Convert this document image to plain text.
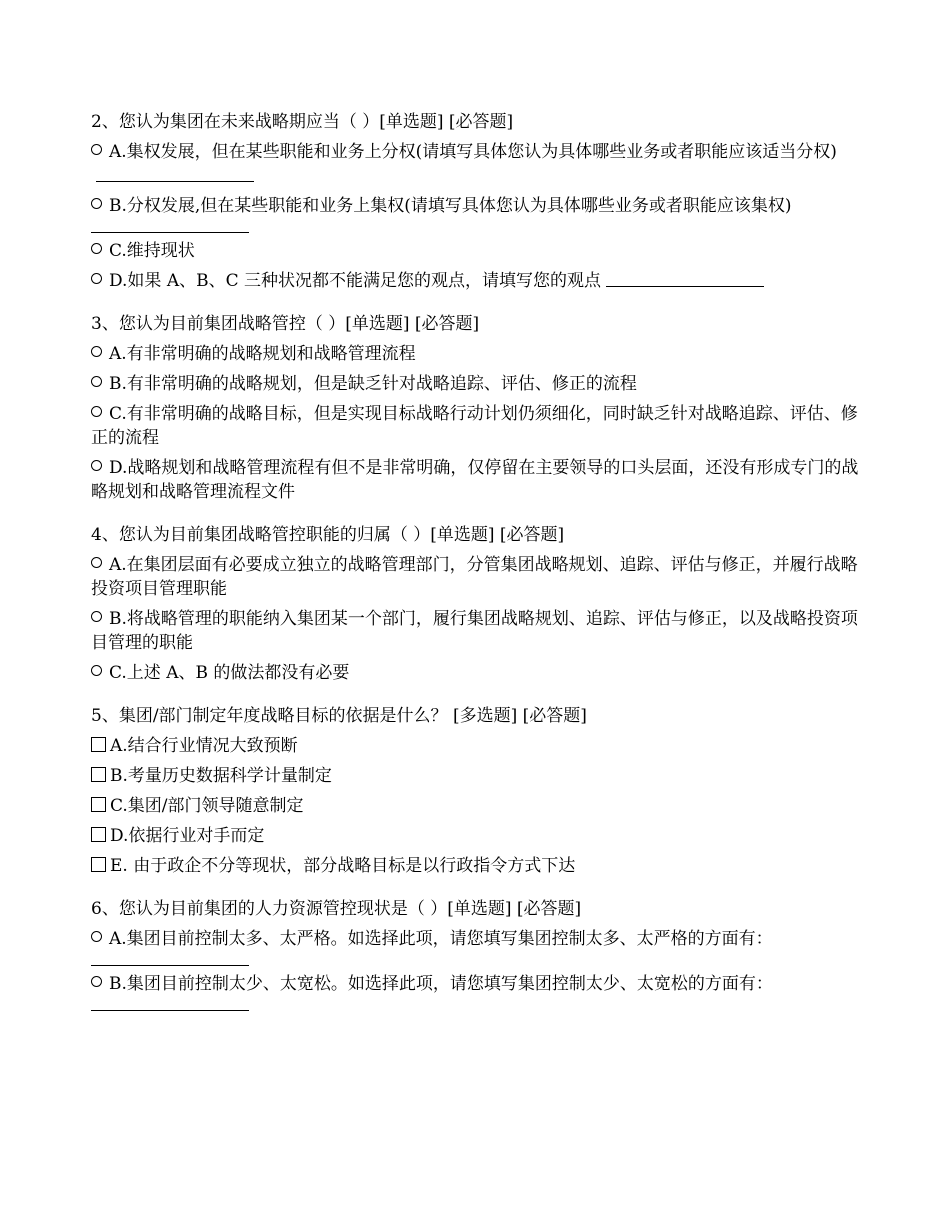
2、您认为集团在未来战略期应当（ ）[单选题] [必答题]
A.集权发展，但在某些职能和业务上分权(请填写具体您认为具体哪些业务或者职能应该适当分权)
B.分权发展,但在某些职能和业务上集权(请填写具体您认为具体哪些业务或者职能应该集权)
C.维持现状
D.如果 A、B、C 三种状况都不能满足您的观点，请填写您的观点
3、您认为目前集团战略管控（ ）[单选题] [必答题]
A.有非常明确的战略规划和战略管理流程
B.有非常明确的战略规划，但是缺乏针对战略追踪、评估、修正的流程
C.有非常明确的战略目标，但是实现目标战略行动计划仍须细化，同时缺乏针对战略追踪、评估、修正的流程
D.战略规划和战略管理流程有但不是非常明确，仅停留在主要领导的口头层面，还没有形成专门的战略规划和战略管理流程文件
4、您认为目前集团战略管控职能的归属（ ）[单选题] [必答题]
A.在集团层面有必要成立独立的战略管理部门，分管集团战略规划、追踪、评估与修正，并履行战略投资项目管理职能
B.将战略管理的职能纳入集团某一个部门，履行集团战略规划、追踪、评估与修正，以及战略投资项目管理的职能
C.上述 A、B 的做法都没有必要
5、集团/部门制定年度战略目标的依据是什么？ [多选题] [必答题]
A.结合行业情况大致预断
B.考量历史数据科学计量制定
C.集团/部门领导随意制定
D.依据行业对手而定
E. 由于政企不分等现状，部分战略目标是以行政指令方式下达
6、您认为目前集团的人力资源管控现状是（ ）[单选题] [必答题]
A.集团目前控制太多、太严格。如选择此项，请您填写集团控制太多、太严格的方面有：
B.集团目前控制太少、太宽松。如选择此项，请您填写集团控制太少、太宽松的方面有：
